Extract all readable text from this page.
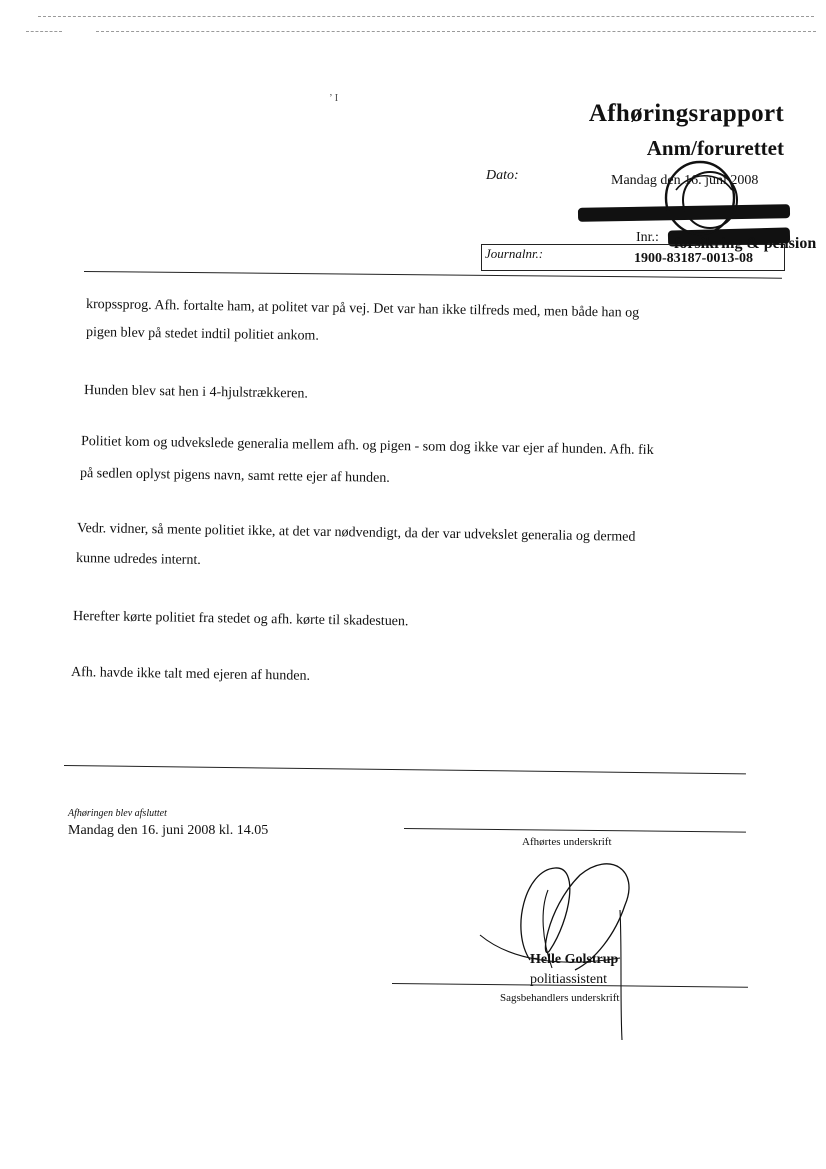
’ I
Afhøringsrapport
Anm/forurettet
Dato:	Mandag den 16. juni 2008
Inr.:
Journalnr.:	1900-83187-0013-08
forsikring & pension
kropssprog. Afh. fortalte ham, at politet var på vej. Det var han ikke tilfreds med, men både han og
pigen blev på stedet indtil politiet ankom.
Hunden blev sat hen i 4-hjulstrækkeren.
Politiet kom og udvekslede generalia mellem afh. og pigen - som dog ikke var ejer af hunden. Afh. fik
på sedlen oplyst pigens navn, samt rette ejer af hunden.
Vedr. vidner, så mente politiet ikke, at det var nødvendigt, da der var udvekslet generalia og dermed
kunne udredes internt.
Herefter kørte politiet fra stedet og afh. kørte til skadestuen.
Afh. havde ikke talt med ejeren af hunden.
Afhøringen blev afsluttet
Mandag den 16. juni 2008 kl. 14.05
Afhørtes underskrift
Helle Golstrup
politiassistent
Sagsbehandlers underskrift
